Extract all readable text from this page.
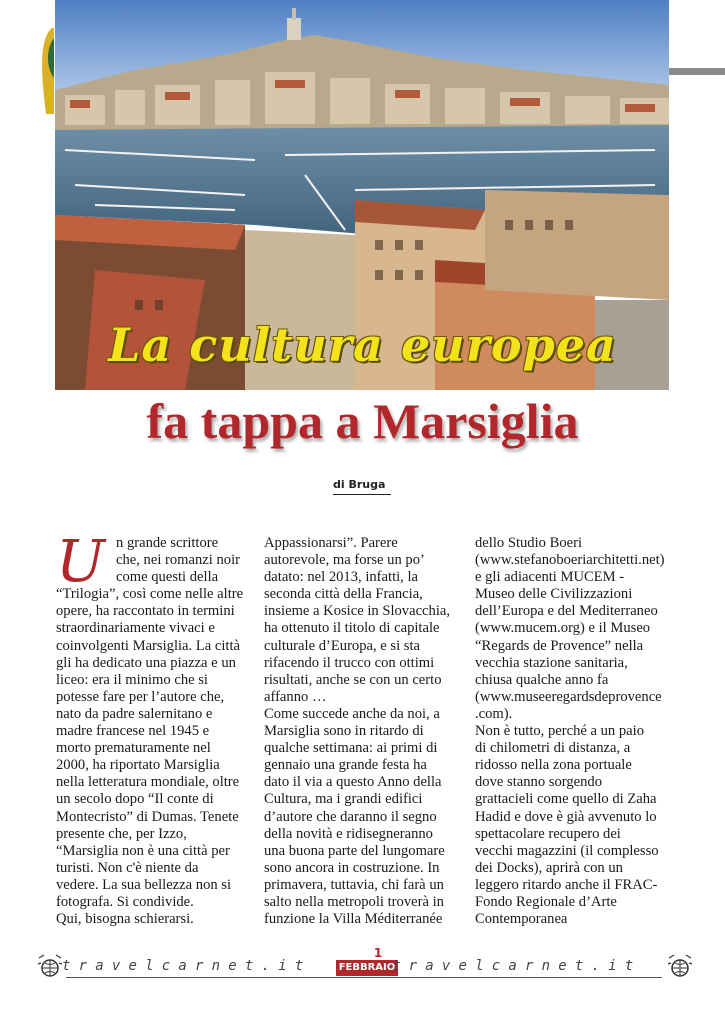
La cultura europea
fa tappa a Marsiglia
di Bruga
U n grande scrittore
che, nei romanzi noir
come questi della
“Trilogia”, così come nelle altre
opere, ha raccontato in termini
straordinariamente vivaci e
coinvolgenti Marsiglia. La città
gli ha dedicato una piazza e un
liceo: era il minimo che si
potesse fare per l’autore che,
nato da padre salernitano e
madre francese nel 1945 e
morto prematuramente nel
2000, ha riportato Marsiglia
nella letteratura mondiale, oltre
un secolo dopo “Il conte di
Montecristo” di Dumas. Tenete
presente che, per Izzo,
“Marsiglia non è una città per
turisti. Non c'è niente da
vedere. La sua bellezza non si
fotografa. Si condivide.
Qui, bisogna schierarsi.
Appassionarsi”. Parere
autorevole, ma forse un po’
datato: nel 2013, infatti, la
seconda città della Francia,
insieme a Kosice in Slovacchia,
ha ottenuto il titolo di capitale
culturale d’Europa, e si sta
rifacendo il trucco con ottimi
risultati, anche se con un certo
affanno …
Come succede anche da noi, a
Marsiglia sono in ritardo di
qualche settimana: ai primi di
gennaio una grande festa ha
dato il via a questo Anno della
Cultura, ma i grandi edifici
d’autore che daranno il segno
della novità e ridisegneranno
una buona parte del lungomare
sono ancora in costruzione. In
primavera, tuttavia, chi farà un
salto nella metropoli troverà in
funzione la Villa Méditerranée
dello Studio Boeri
(www.stefanoboeriarchitetti.net)
e gli adiacenti MUCEM -
Museo delle Civilizzazioni
dell’Europa e del Mediterraneo
(www.mucem.org) e il Museo
“Regards de Provence” nella
vecchia stazione sanitaria,
chiusa qualche anno fa
(www.museeregardsdeprovence
.com).
Non è tutto, perché a un paio
di chilometri di distanza, a
ridosso nella zona portuale
dove stanno sorgendo
grattacieli come quello di Zaha
Hadid e dove è già avvenuto lo
spettacolare recupero dei
vecchi magazzini (il complesso
dei Docks), aprirà con un
leggero ritardo anche il FRAC-
Fondo Regionale d’Arte
Contemporanea
travelcarnet.it
1
FEBBRAIO
travelcarnet.it
